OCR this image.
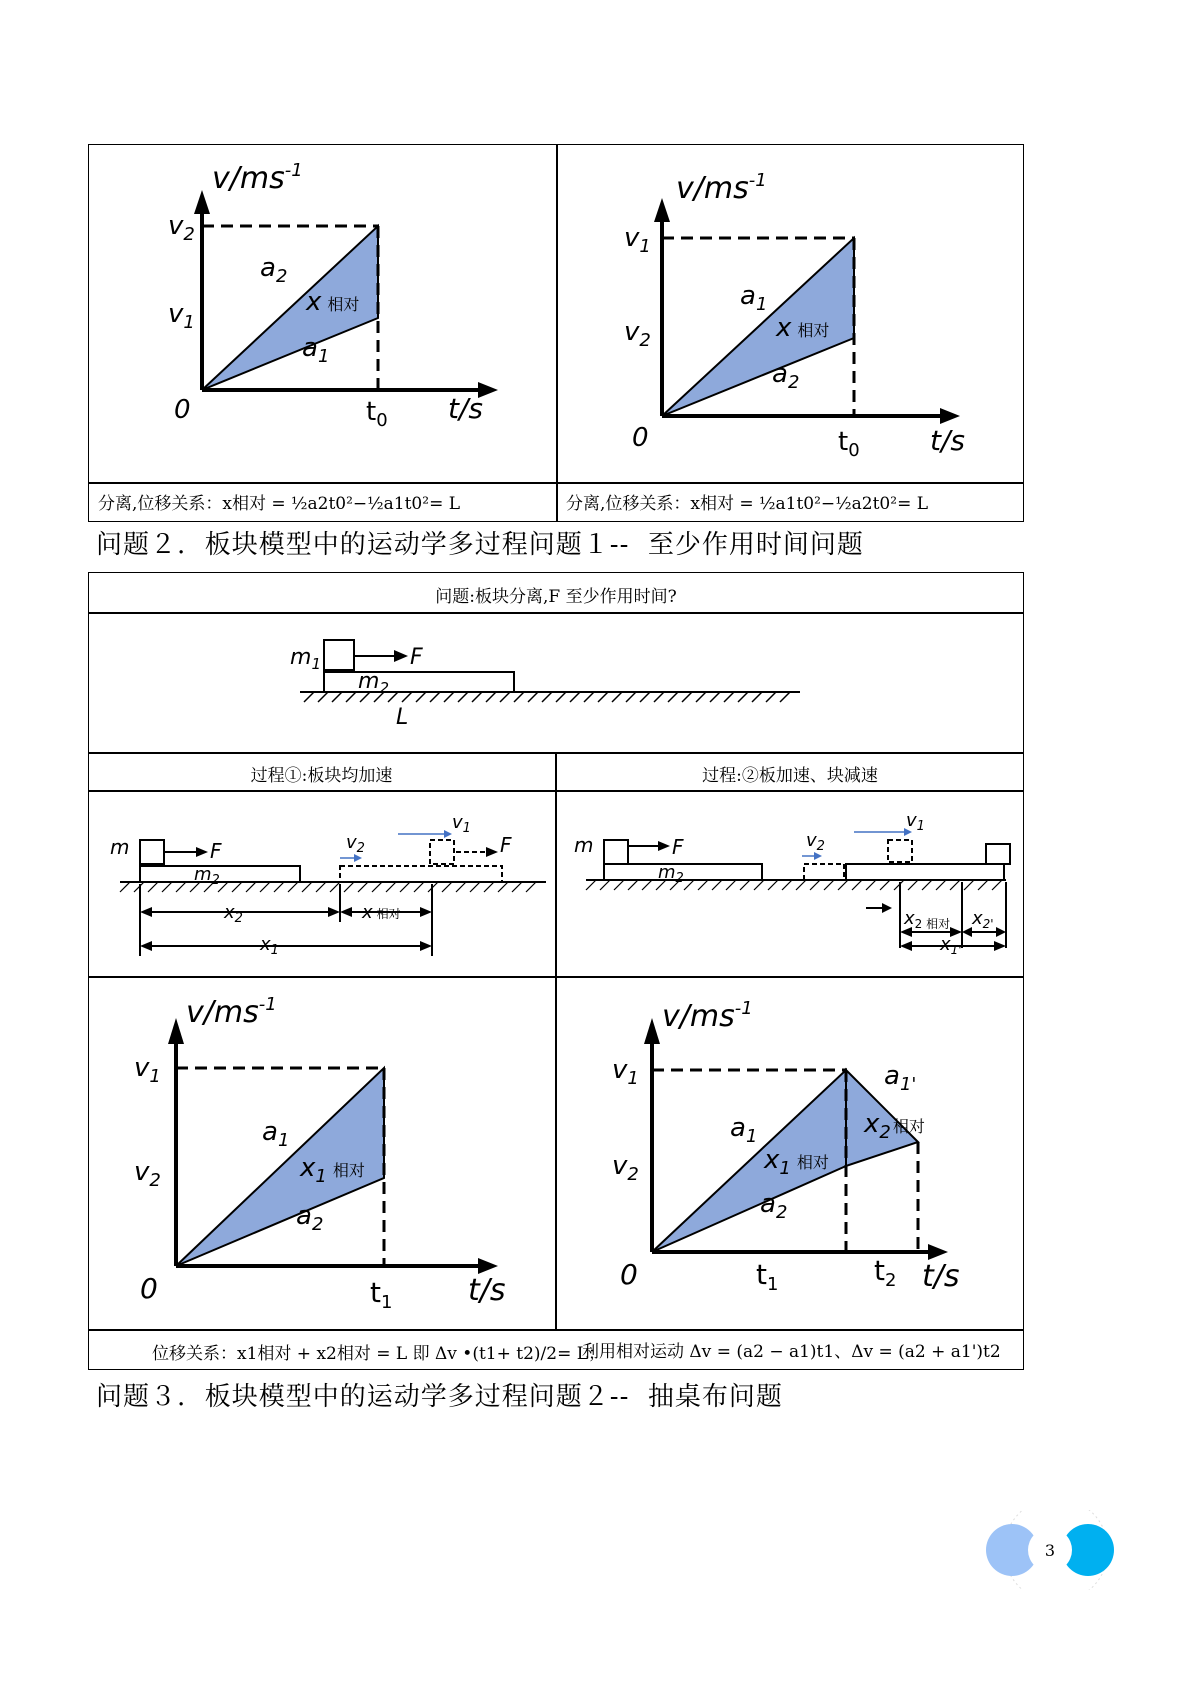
$v/ms^{-1}$
$v_2$
$v_1$
0	$t_0$ t/s
$a_2$
$a_1$
x相对
$v/ms^{-1}$
$v_1$
$v_2$
0	$t_0$	t/s
$a_1$
$a_2$
x相对
分离,位移关系：x相对 = ½a2t0²−½a1t0²= L	分离,位移关系：x相对 = ½a1t0²−½a2t0²= L
问题２.  板块模型中的运动学多过程问题１--  至少作用时间问题
问题:板块分离,F 至少作用时间?
$m_1$	F
$m_2$
L
过程①:板块均加速	过程:②板加速、块减速
m	F	F
$m_2$
$v_1$
$v_2$
$x_2$	x相对
$x_1$
m	F
$m_2$
$v_1$
$v_2$
$x_{2 相对}$ $x_{2'}$
$x_{1'}$
$v/ms^{-1}$
$v_1$
$v_2$
0	$t_1$	t/s
$a_1$
$a_2$
$x_1$ $^{相对}$
$v/ms^{-1}$
$v_1$
$v_2$
0	$t_1$	$t_2$ t/s
$a_1$
$a_2$
$a_{1'}$
$x_1$ $^{相对}$
$x_2$ $^{相对}$
位移关系：x1相对 + x2相对 = L 即 Δv •(t1+ t2)/2= L；
利用相对运动 Δv = (a2 − a1)t1、Δv = (a2 + a1')t2
问题３.  板块模型中的运动学多过程问题２--  抽桌布问题
3
